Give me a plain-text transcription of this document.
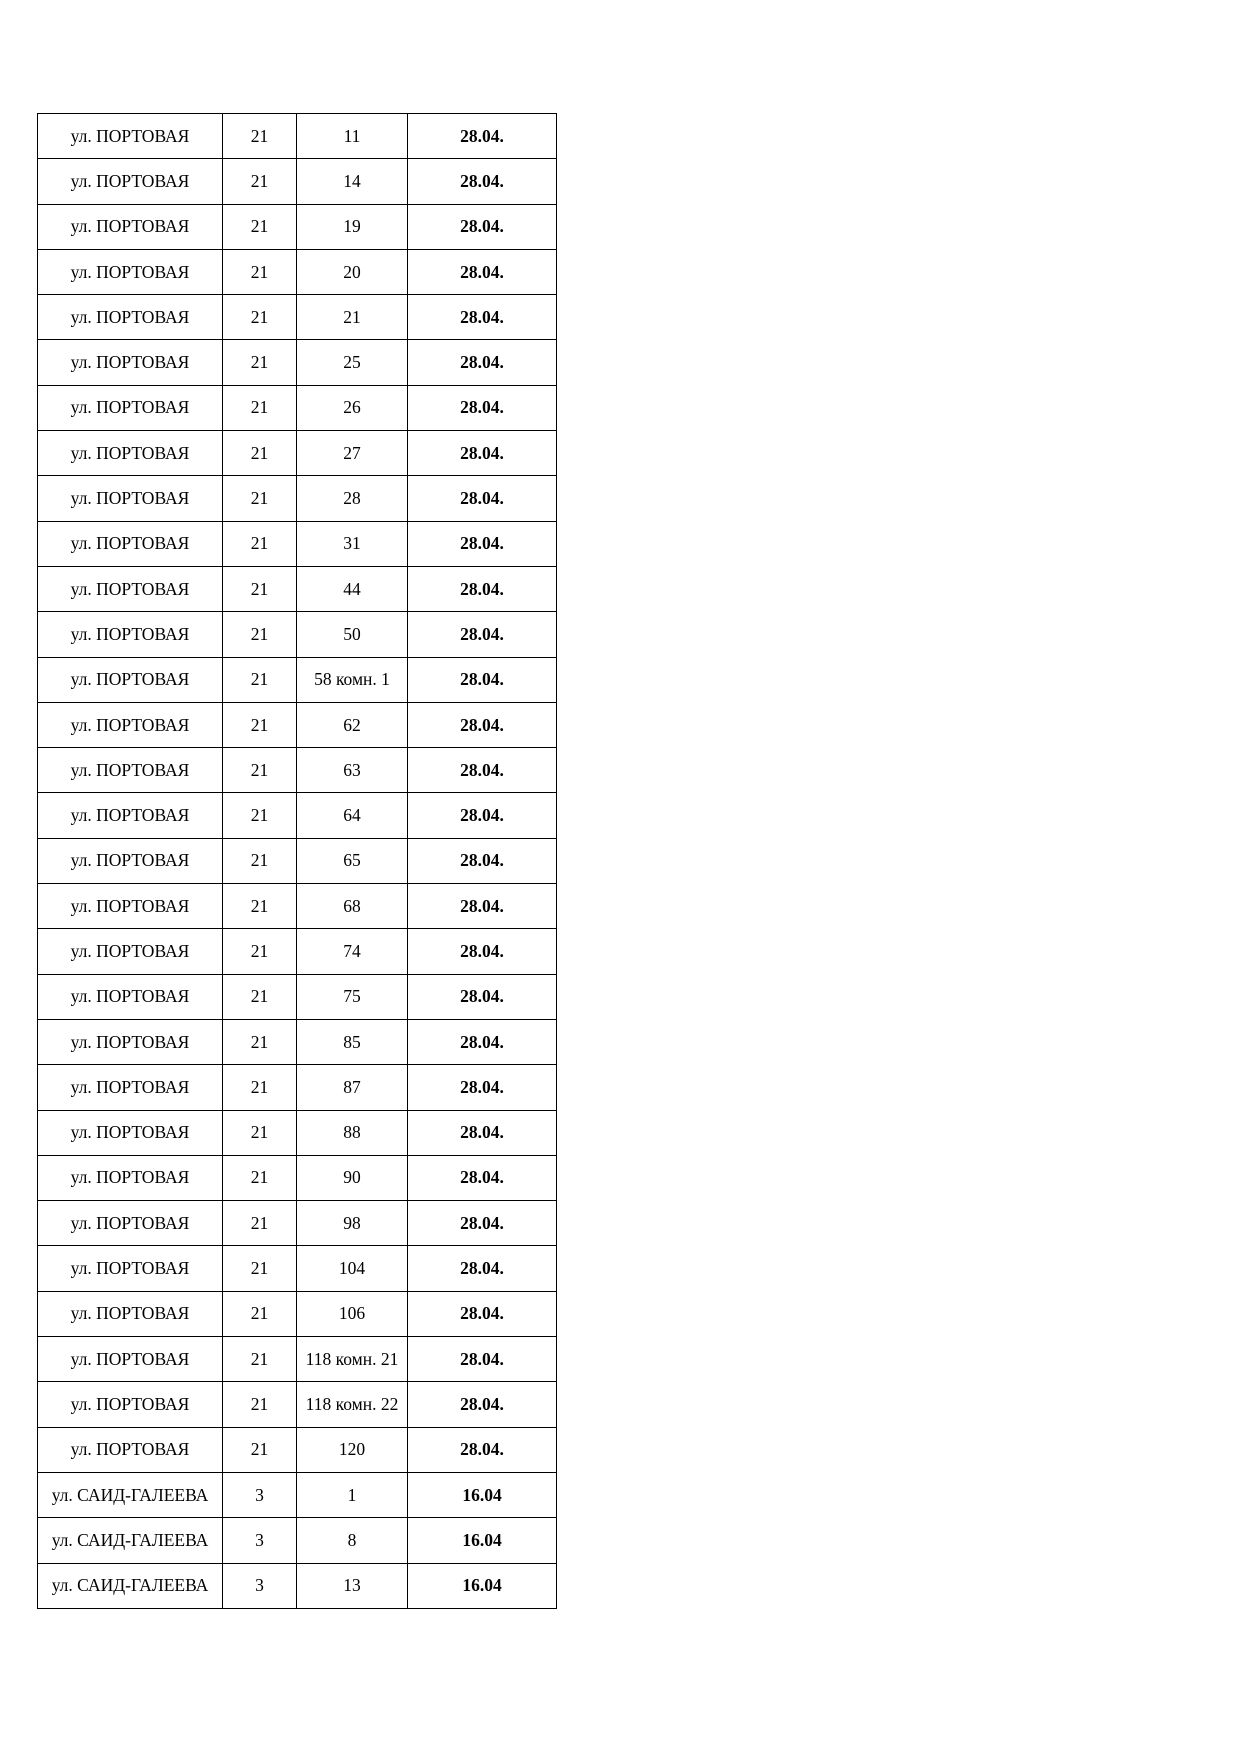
ул. ПОРТОВАЯ	21	11	28.04.
ул. ПОРТОВАЯ	21	14	28.04.
ул. ПОРТОВАЯ	21	19	28.04.
ул. ПОРТОВАЯ	21	20	28.04.
ул. ПОРТОВАЯ	21	21	28.04.
ул. ПОРТОВАЯ	21	25	28.04.
ул. ПОРТОВАЯ	21	26	28.04.
ул. ПОРТОВАЯ	21	27	28.04.
ул. ПОРТОВАЯ	21	28	28.04.
ул. ПОРТОВАЯ	21	31	28.04.
ул. ПОРТОВАЯ	21	44	28.04.
ул. ПОРТОВАЯ	21	50	28.04.
ул. ПОРТОВАЯ	21	58 комн. 1	28.04.
ул. ПОРТОВАЯ	21	62	28.04.
ул. ПОРТОВАЯ	21	63	28.04.
ул. ПОРТОВАЯ	21	64	28.04.
ул. ПОРТОВАЯ	21	65	28.04.
ул. ПОРТОВАЯ	21	68	28.04.
ул. ПОРТОВАЯ	21	74	28.04.
ул. ПОРТОВАЯ	21	75	28.04.
ул. ПОРТОВАЯ	21	85	28.04.
ул. ПОРТОВАЯ	21	87	28.04.
ул. ПОРТОВАЯ	21	88	28.04.
ул. ПОРТОВАЯ	21	90	28.04.
ул. ПОРТОВАЯ	21	98	28.04.
ул. ПОРТОВАЯ	21	104	28.04.
ул. ПОРТОВАЯ	21	106	28.04.
ул. ПОРТОВАЯ	21	118 комн. 21	28.04.
ул. ПОРТОВАЯ	21	118 комн. 22	28.04.
ул. ПОРТОВАЯ	21	120	28.04.
ул. САИД-ГАЛЕЕВА	3	1	16.04
ул. САИД-ГАЛЕЕВА	3	8	16.04
ул. САИД-ГАЛЕЕВА	3	13	16.04
